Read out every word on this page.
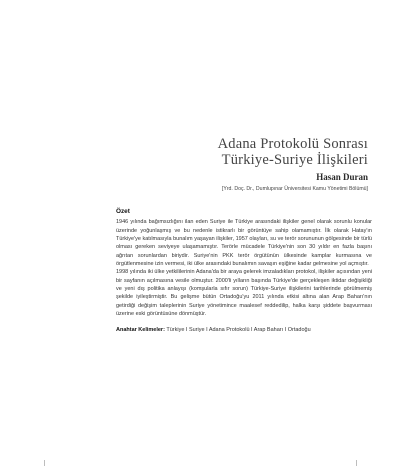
Adana Protokolü Sonrası
Türkiye-Suriye İlişkileri
Hasan Duran
[Yrd. Doç. Dr., Dumlupınar Üniversitesi Kamu Yönetimi Bölümü]
Özet

1946 yılında bağımsızlığını ilan eden Suriye ile Türkiye arasındaki ilişkiler genel olarak sorunlu konular üzerinde yoğunlaşmış ve bu nedenle istikrarlı bir görüntüye sahip olamamıştır. İlk olarak Hatay'ın Türkiye'ye katılmasıyla bunalım yaşayan ilişkiler, 1957 olayları, su ve terör sorununun gölgesinde bir türlü olması gereken seviyeye ulaşamamıştır. Terörle mücadele Türkiye'nin son 30 yıldır en fazla başını ağrıtan sorunlardan biriydir. Suriye'nin PKK terör örgütünün ülkesinde kamplar kurmasına ve örgütlenmesine izin vermesi, iki ülke arasındaki bunalımın savaşın eşiğine kadar gelmesine yol açmıştır.

1998 yılında iki ülke yetkililerinin Adana'da bir araya gelerek imzaladıkları protokol, ilişkiler açısından yeni bir sayfanın açılmasına vesile olmuştur. 2000'li yılların başında Türkiye'de gerçekleşen iktidar değişikliği ve yeni dış politika anlayışı (komşularla sıfır sorun) Türkiye-Suriye ilişkilerini tarihlerinde görülmemiş şekilde iyileştirmiştir. Bu gelişme bütün Ortadoğu'yu 2011 yılında etkisi altına alan Arap Baharı'nın getirdiği değişim taleplerinin Suriye yönetimince maalesef reddedilip, halka karşı şiddete başvurması üzerine eski görüntüsüne dönmüştür.

Anahtar Kelimeler: Türkiye I Suriye I Adana Protokolü I Arap Baharı I Ortadoğu
